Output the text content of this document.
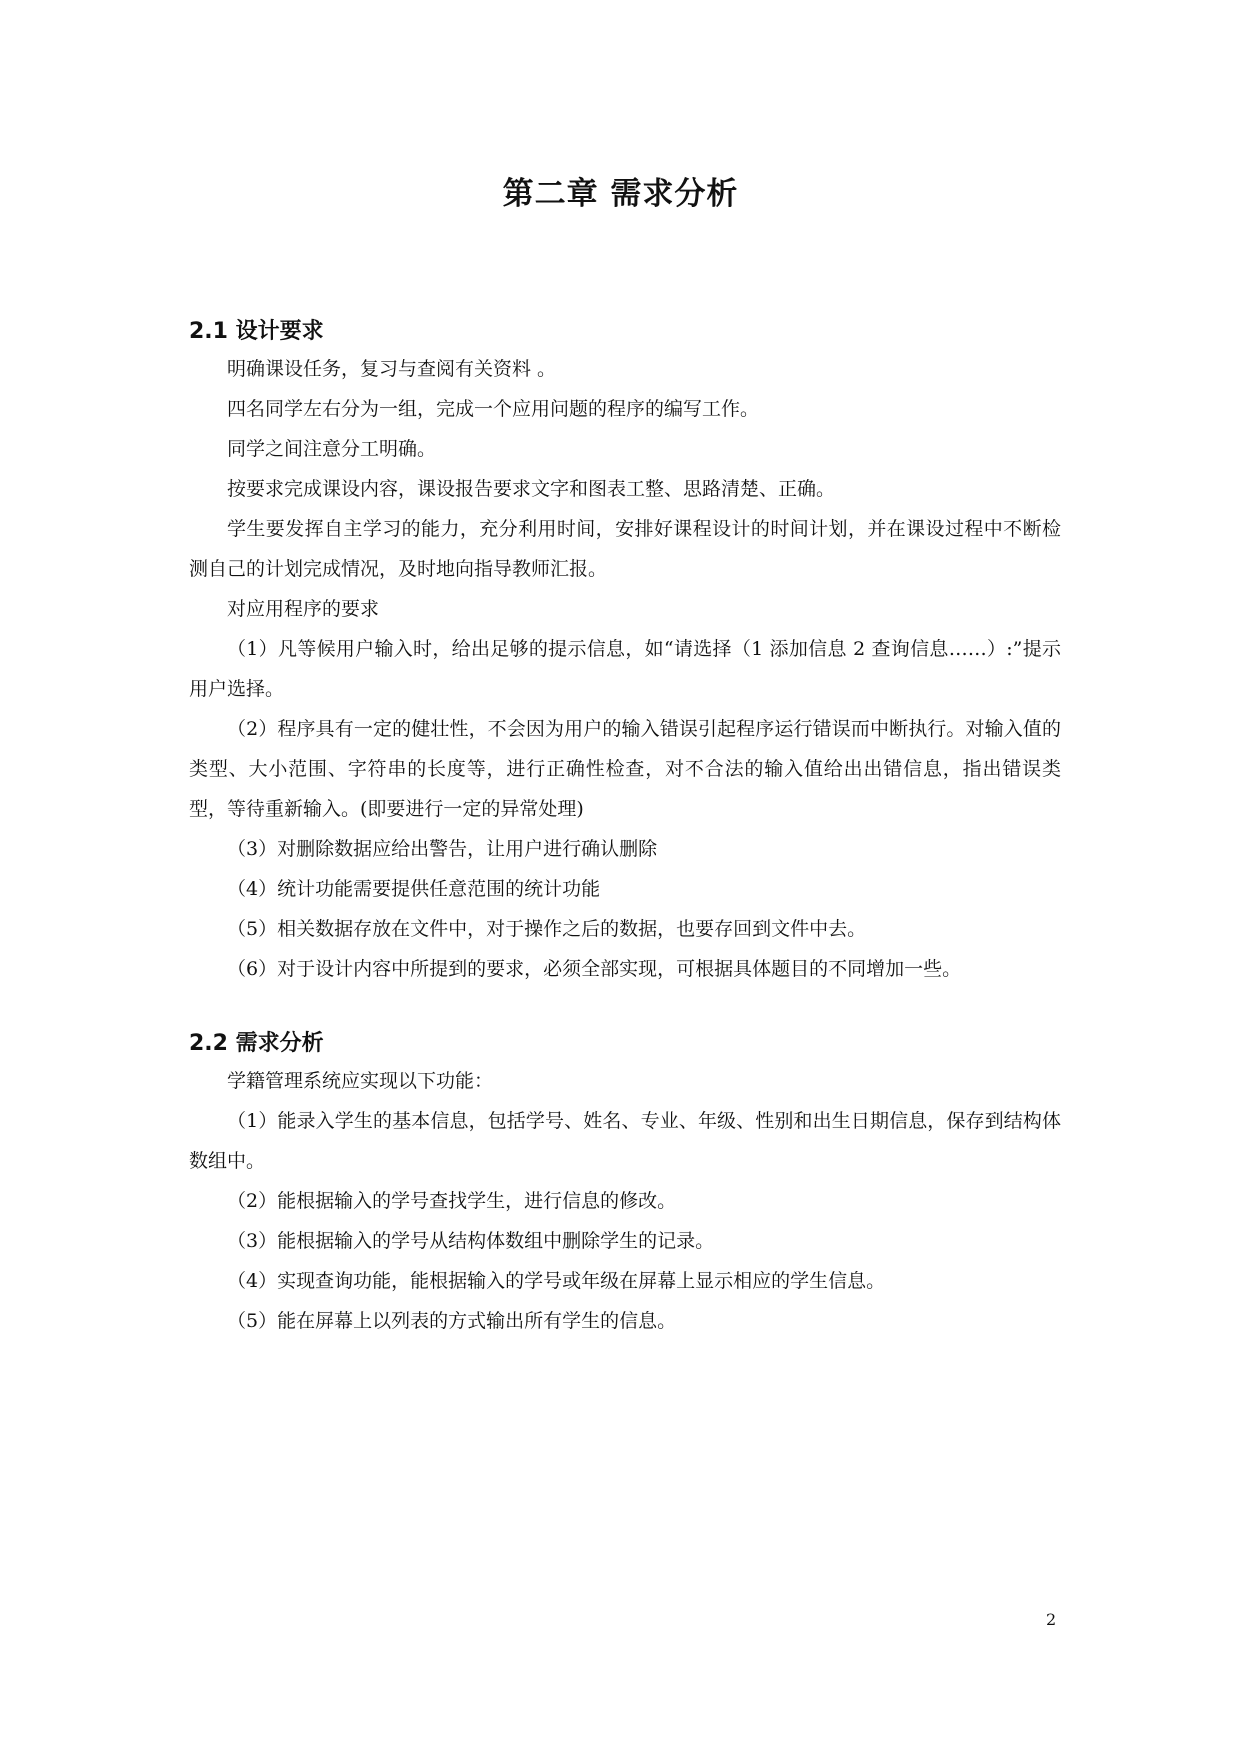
第二章 需求分析
2.1 设计要求

明确课设任务，复习与查阅有关资料 。

四名同学左右分为一组，完成一个应用问题的程序的编写工作。

同学之间注意分工明确。

按要求完成课设内容，课设报告要求文字和图表工整、思路清楚、正确。

学生要发挥自主学习的能力，充分利用时间，安排好课程设计的时间计划，并在课设过程中不断检测自己的计划完成情况，及时地向指导教师汇报。

对应用程序的要求

（1）凡等候用户输入时，给出足够的提示信息，如“请选择（1 添加信息 2 查询信息……）:”提示用户选择。

（2）程序具有一定的健壮性，不会因为用户的输入错误引起程序运行错误而中断执行。对输入值的类型、大小范围、字符串的长度等，进行正确性检查，对不合法的输入值给出出错信息，指出错误类型，等待重新输入。(即要进行一定的异常处理)

（3）对删除数据应给出警告，让用户进行确认删除

（4）统计功能需要提供任意范围的统计功能

（5）相关数据存放在文件中，对于操作之后的数据，也要存回到文件中去。

（6）对于设计内容中所提到的要求，必须全部实现，可根据具体题目的不同增加一些。

2.2 需求分析

学籍管理系统应实现以下功能：

（1）能录入学生的基本信息，包括学号、姓名、专业、年级、性别和出生日期信息，保存到结构体数组中。

（2）能根据输入的学号查找学生，进行信息的修改。

（3）能根据输入的学号从结构体数组中删除学生的记录。

（4）实现查询功能，能根据输入的学号或年级在屏幕上显示相应的学生信息。

（5）能在屏幕上以列表的方式输出所有学生的信息。

2
